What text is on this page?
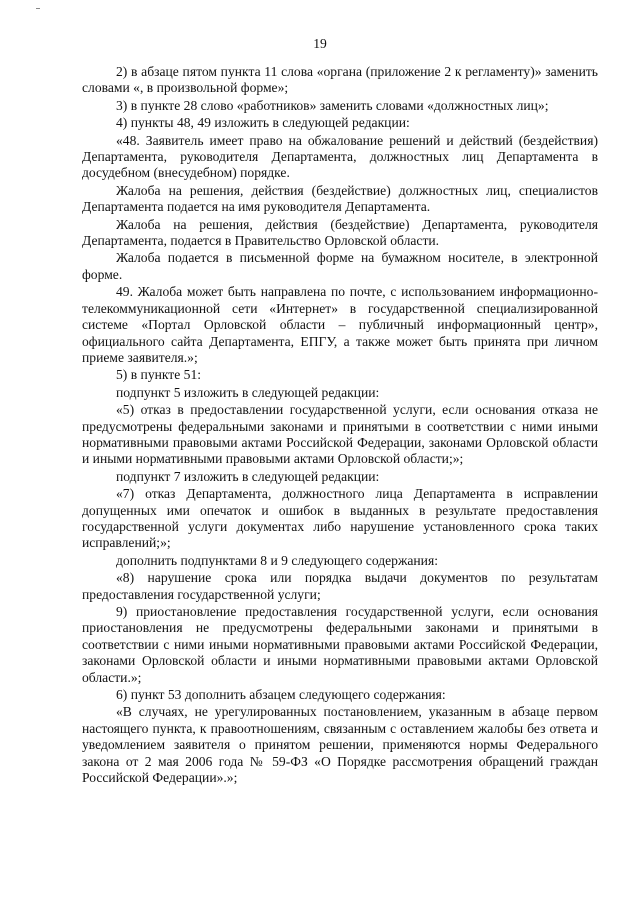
19

2) в абзаце пятом пункта 11 слова «органа (приложение 2 к регламенту)» заменить словами «, в произвольной форме»;

3) в пункте 28 слово «работников» заменить словами «должностных лиц»;

4) пункты 48, 49 изложить в следующей редакции:

«48. Заявитель имеет право на обжалование решений и действий (бездействия) Департамента, руководителя Департамента, должностных лиц Департамента в досудебном (внесудебном) порядке.

Жалоба на решения, действия (бездействие) должностных лиц, специалистов Департамента подается на имя руководителя Департамента.

Жалоба на решения, действия (бездействие) Департамента, руководителя Департамента, подается в Правительство Орловской области.

Жалоба подается в письменной форме на бумажном носителе, в электронной форме.

49. Жалоба может быть направлена по почте, с использованием информационно-телекоммуникационной сети «Интернет» в государственной специализированной системе «Портал Орловской области – публичный информационный центр», официального сайта Департамента, ЕПГУ, а также может быть принята при личном приеме заявителя.»;

5) в пункте 51:

подпункт 5 изложить в следующей редакции:

«5) отказ в предоставлении государственной услуги, если основания отказа не предусмотрены федеральными законами и принятыми в соответствии с ними иными нормативными правовыми актами Российской Федерации, законами Орловской области и иными нормативными правовыми актами Орловской области;»;

подпункт 7 изложить в следующей редакции:

«7) отказ Департамента, должностного лица Департамента в исправлении допущенных ими опечаток и ошибок в выданных в результате предоставления государственной услуги документах либо нарушение установленного срока таких исправлений;»;

дополнить подпунктами 8 и 9 следующего содержания:

«8) нарушение срока или порядка выдачи документов по результатам предоставления государственной услуги;

9) приостановление предоставления государственной услуги, если основания приостановления не предусмотрены федеральными законами и принятыми в соответствии с ними иными нормативными правовыми актами Российской Федерации, законами Орловской области и иными нормативными правовыми актами Орловской области.»;

6) пункт 53 дополнить абзацем следующего содержания:

«В случаях, не урегулированных постановлением, указанным в абзаце первом настоящего пункта, к правоотношениям, связанным с оставлением жалобы без ответа и уведомлением заявителя о принятом решении, применяются нормы Федерального закона от 2 мая 2006 года № 59-ФЗ «О Порядке рассмотрения обращений граждан Российской Федерации».»;
